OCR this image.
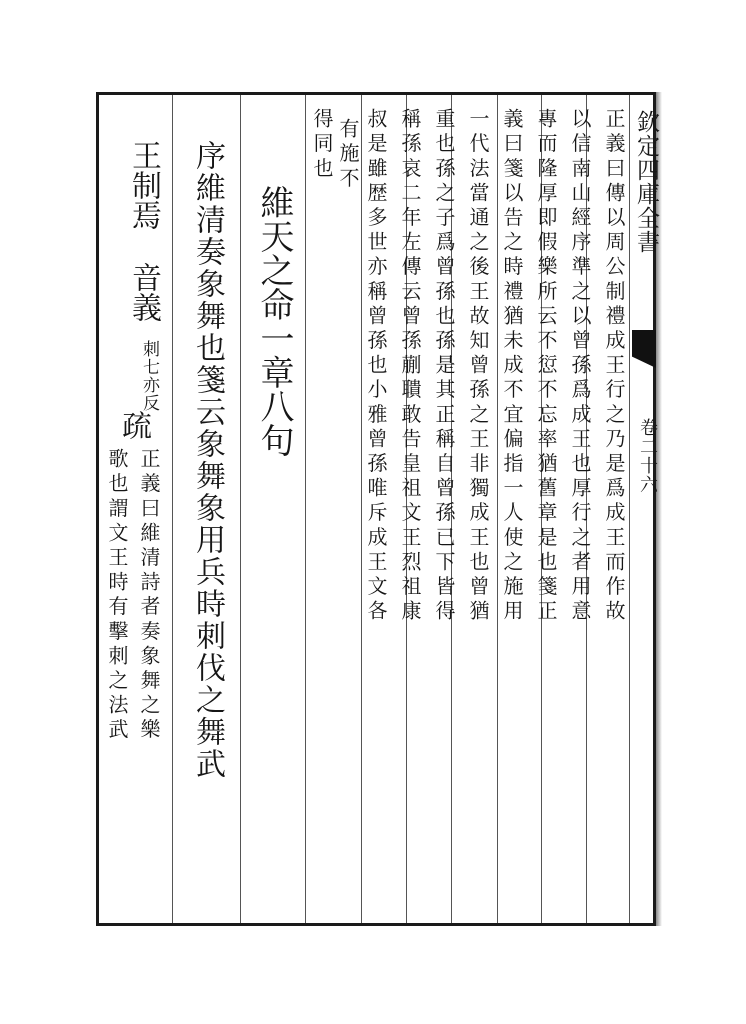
欽定四庫全書
卷二十六
正義曰傳以周公制禮成王行之乃是爲成王而作故
以信南山經序準之以曾孫爲成王也厚行之者用意
專而隆厚即假樂所云不愆不忘率猶舊章是也箋正
義曰箋以告之時禮猶未成不宜偏指一人使之施用
一代法當通之後王故知曾孫之王非獨成王也曾猶
重也孫之子爲曾孫也孫是其正稱自曾孫已下皆得
稱孫哀二年左傳云曾孫蒯聵敢告皇祖文王烈祖康
叔是雖歴多世亦稱曾孫也小雅曾孫唯斥成王文各
有施不
得同也
維天之命一章八句
序維清奏象舞也箋云象舞象用兵時刺伐之舞武
王制焉
音義
刺七亦反
疏
正義曰維清詩者奏象舞之樂
歌也謂文王時有擊刺之法武
